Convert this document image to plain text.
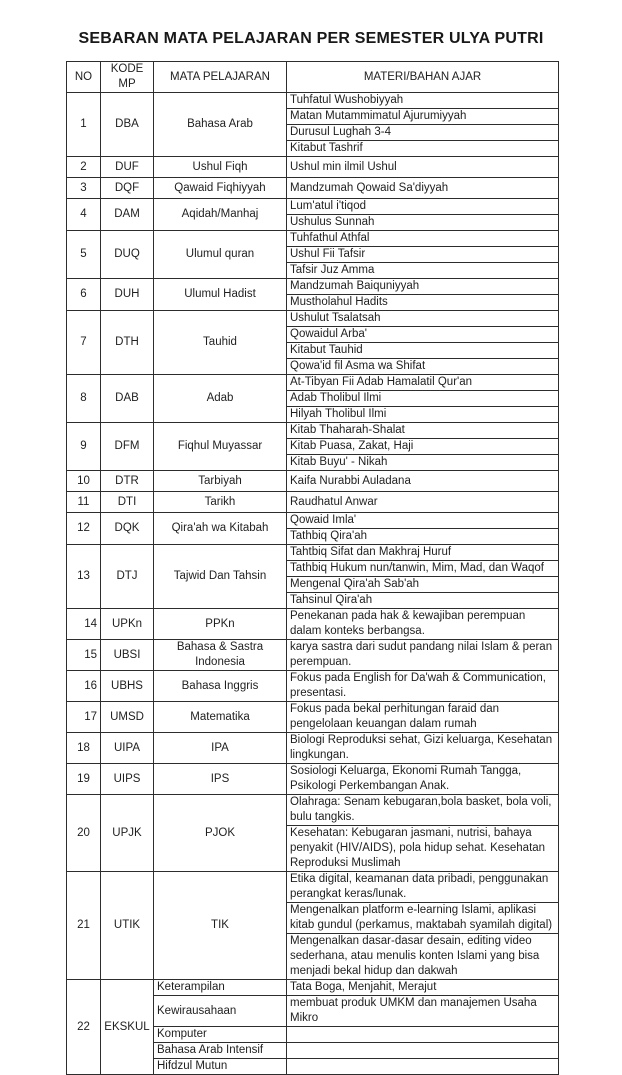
SEBARAN MATA PELAJARAN PER SEMESTER ULYA PUTRI
NO	KODE MP	MATA PELAJARAN	MATERI/BAHAN AJAR
1	DBA	Bahasa Arab	Tuhfatul Wushobiyyah
			Matan Mutammimatul Ajurumiyyah
			Durusul Lughah 3-4
			Kitabut Tashrif
2	DUF	Ushul Fiqh	Ushul min ilmil Ushul
3	DQF	Qawaid Fiqhiyyah	Mandzumah Qowaid Sa'diyyah
4	DAM	Aqidah/Manhaj	Lum'atul i'tiqod
			Ushulus Sunnah
5	DUQ	Ulumul quran	Tuhfathul Athfal
			Ushul Fii Tafsir
			Tafsir Juz Amma
6	DUH	Ulumul Hadist	Mandzumah Baiquniyyah
			Mustholahul Hadits
7	DTH	Tauhid	Ushulut Tsalatsah
			Qowaidul Arba'
			Kitabut Tauhid
			Qowa'id fil Asma wa Shifat
8	DAB	Adab	At-Tibyan Fii Adab Hamalatil Qur'an
			Adab Tholibul Ilmi
			Hilyah Tholibul Ilmi
9	DFM	Fiqhul Muyassar	Kitab Thaharah-Shalat
			Kitab Puasa, Zakat, Haji
			Kitab Buyu' - Nikah
10	DTR	Tarbiyah	Kaifa Nurabbi Auladana
11	DTI	Tarikh	Raudhatul Anwar
12	DQK	Qira'ah wa Kitabah	Qowaid Imla'
			Tathbiq Qira'ah
13	DTJ	Tajwid Dan Tahsin	Tahtbiq Sifat dan Makhraj Huruf
			Tathbiq Hukum nun/tanwin, Mim, Mad, dan Waqof
			Mengenal Qira'ah Sab'ah
			Tahsinul Qira'ah
14	UPKn	PPKn	Penekanan pada hak & kewajiban perempuan dalam konteks berbangsa.
15	UBSI	Bahasa & Sastra Indonesia	karya sastra dari sudut pandang nilai Islam & peran perempuan.
16	UBHS	Bahasa Inggris	Fokus pada English for Da'wah & Communication, presentasi.
17	UMSD	Matematika	Fokus pada bekal perhitungan faraid dan pengelolaan keuangan dalam rumah
18	UIPA	IPA	Biologi Reproduksi sehat, Gizi keluarga, Kesehatan lingkungan.
19	UIPS	IPS	Sosiologi Keluarga, Ekonomi Rumah Tangga, Psikologi Perkembangan Anak.
20	UPJK	PJOK	Olahraga: Senam kebugaran,bola basket, bola voli, bulu tangkis.
			Kesehatan: Kebugaran jasmani, nutrisi, bahaya penyakit (HIV/AIDS), pola hidup sehat. Kesehatan Reproduksi Muslimah
21	UTIK	TIK	Etika digital, keamanan data pribadi, penggunakan perangkat keras/lunak.
			Mengenalkan platform e-learning Islami, aplikasi kitab gundul (perkamus, maktabah syamilah digital)
			Mengenalkan dasar-dasar desain, editing video sederhana, atau menulis konten Islami yang bisa menjadi bekal hidup dan dakwah
22	EKSKUL	Keterampilan	Tata Boga, Menjahit, Merajut
		Kewirausahaan	membuat produk UMKM dan manajemen Usaha Mikro
		Komputer	
		Bahasa Arab Intensif	
		Hifdzul Mutun	
